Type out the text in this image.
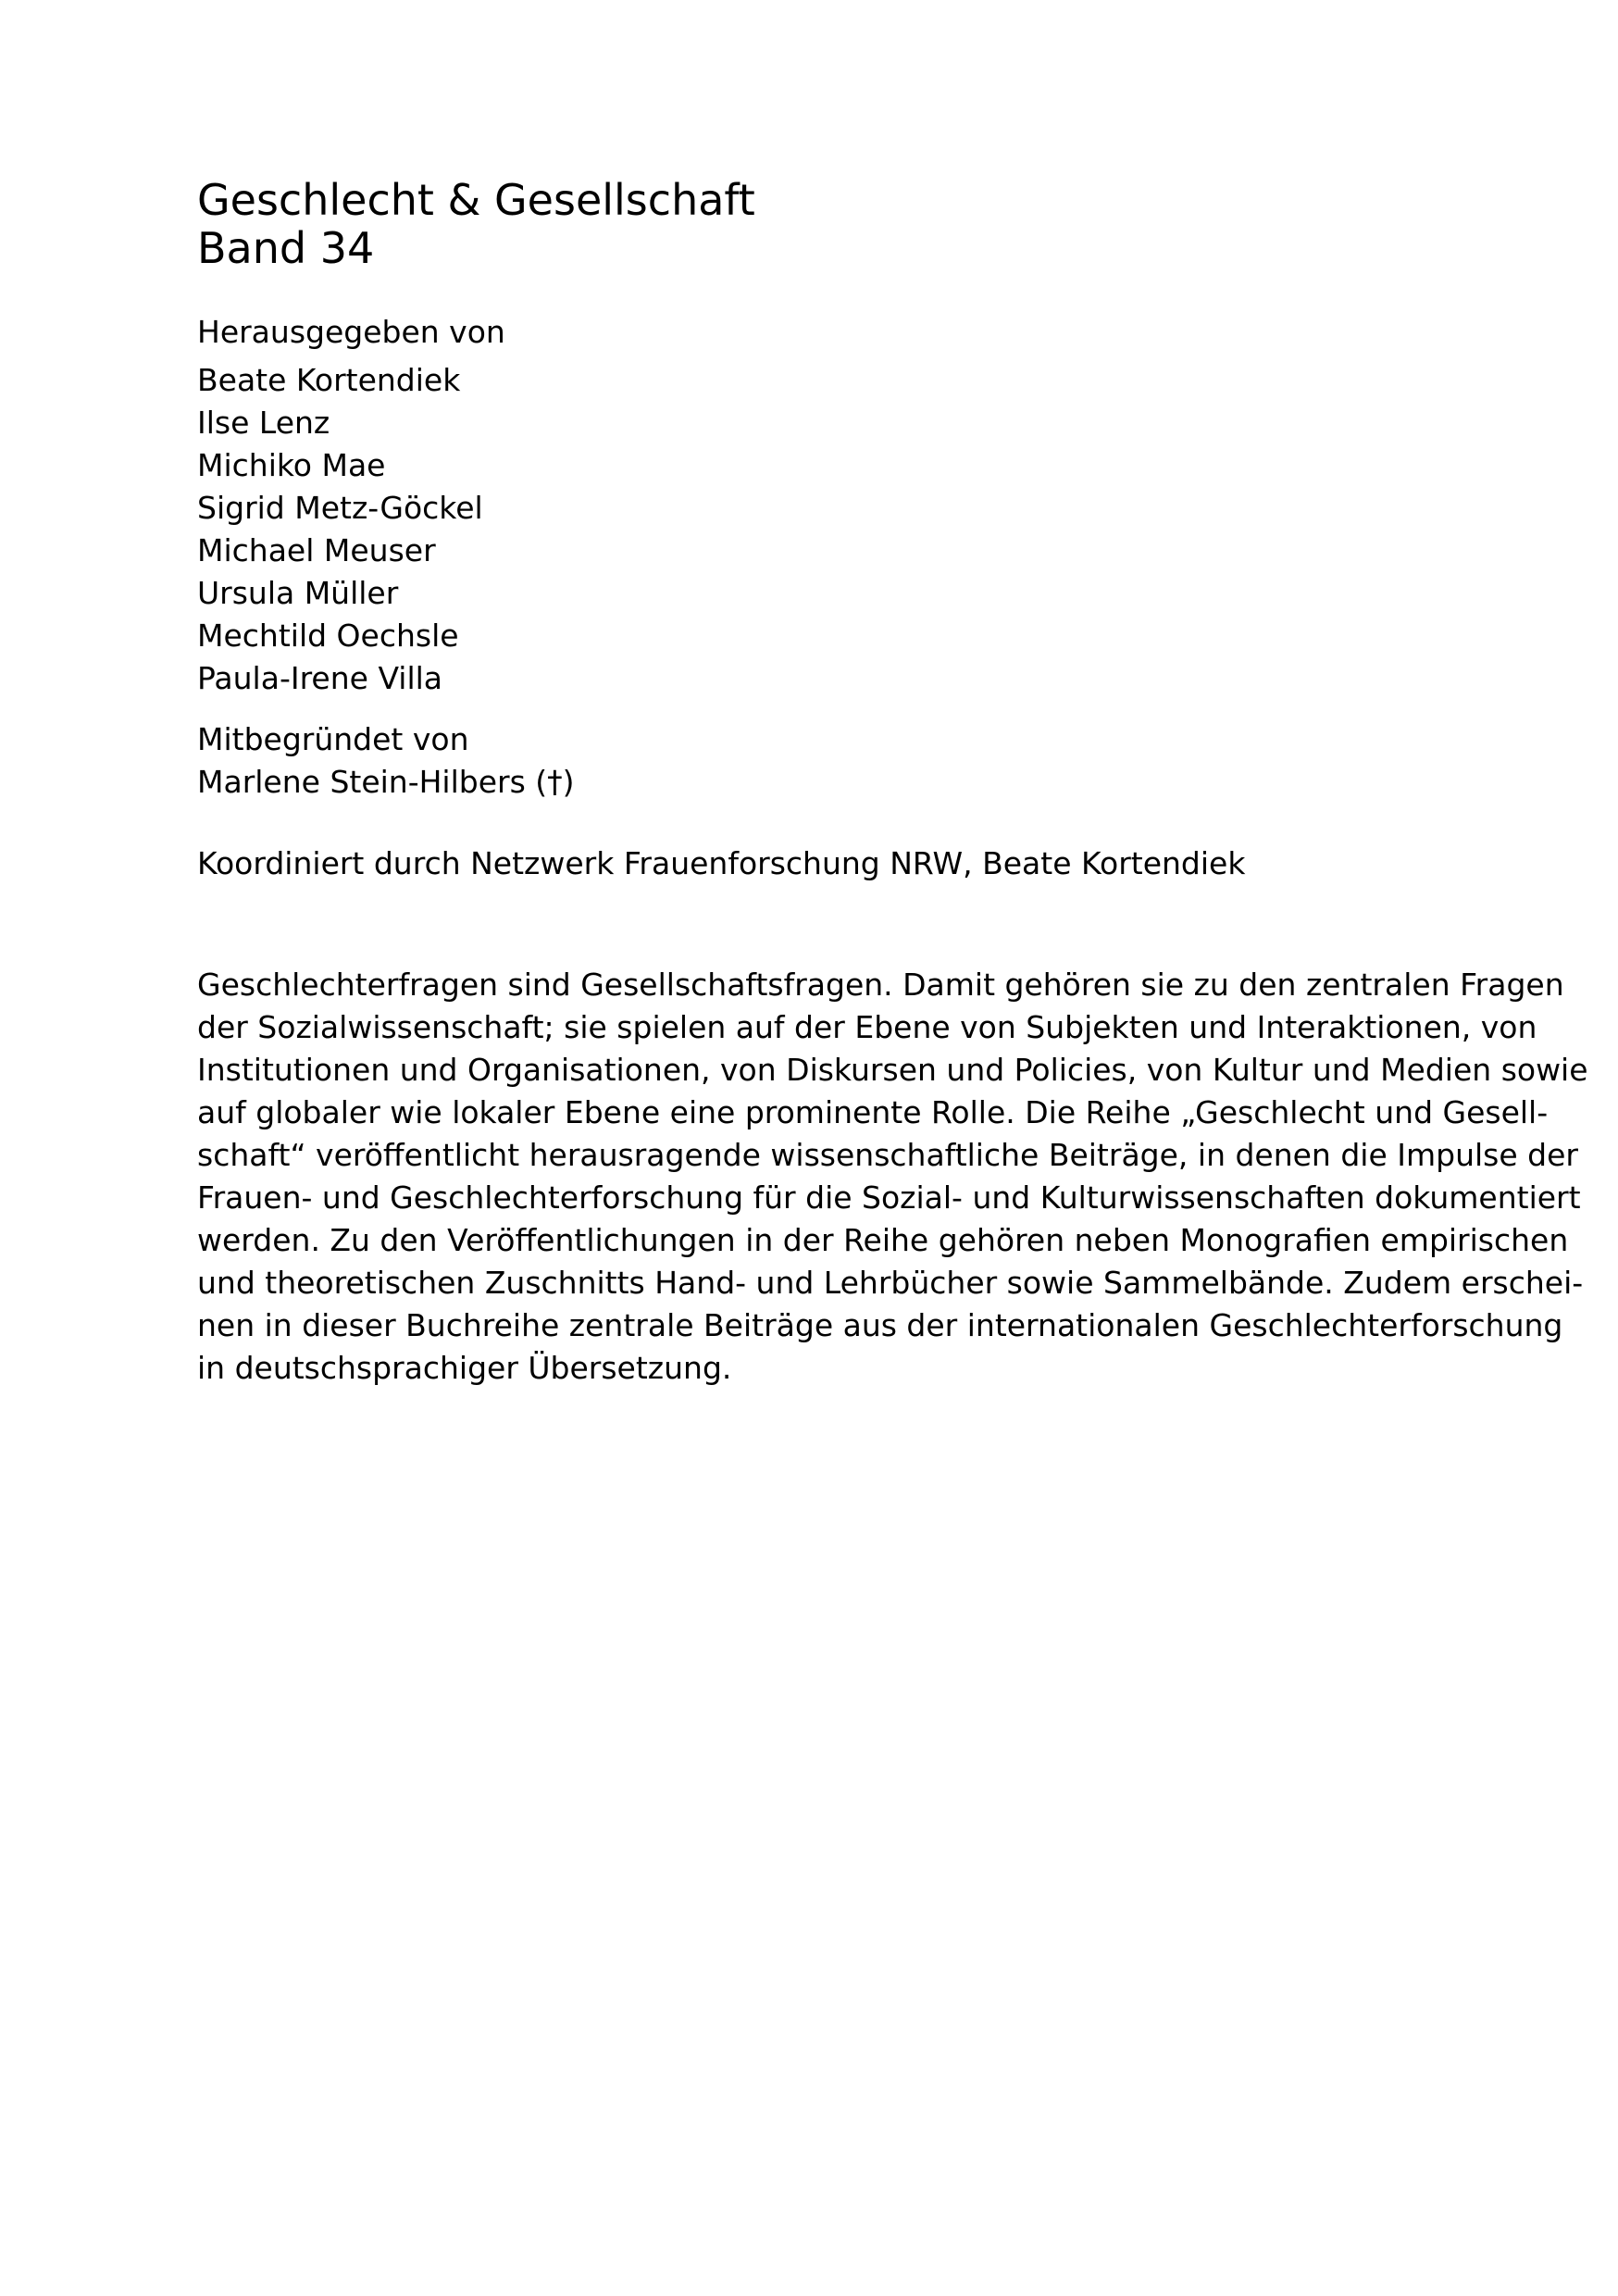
Geschlecht & Gesellschaft

Band 34

Herausgegeben von

Beate Kortendiek

Ilse Lenz

Michiko Mae

Sigrid Metz-Göckel

Michael Meuser

Ursula Müller

Mechtild Oechsle

Paula-Irene Villa

Mitbegründet von

Marlene Stein-Hilbers (†)

Koordiniert durch Netzwerk Frauenforschung NRW, Beate Kortendiek

Geschlechterfragen sind Gesellschaftsfragen. Damit gehören sie zu den zentralen Fragen
der Sozialwissenschaft; sie spielen auf der Ebene von Subjekten und Interaktionen, von
Institutionen und Organisationen, von Diskursen und Policies, von Kultur und Medien sowie
auf globaler wie lokaler Ebene eine prominente Rolle. Die Reihe „Geschlecht und Gesell-
schaft“ veröffentlicht herausragende wissenschaftliche Beiträge, in denen die Impulse der
Frauen- und Geschlechterforschung für die Sozial- und Kulturwissenschaften dokumentiert
werden. Zu den Veröffentlichungen in der Reihe gehören neben Monografien empirischen
und theoretischen Zuschnitts Hand- und Lehrbücher sowie Sammelbände. Zudem erschei-
nen in dieser Buchreihe zentrale Beiträge aus der internationalen Geschlechterforschung
in deutschsprachiger Übersetzung.
